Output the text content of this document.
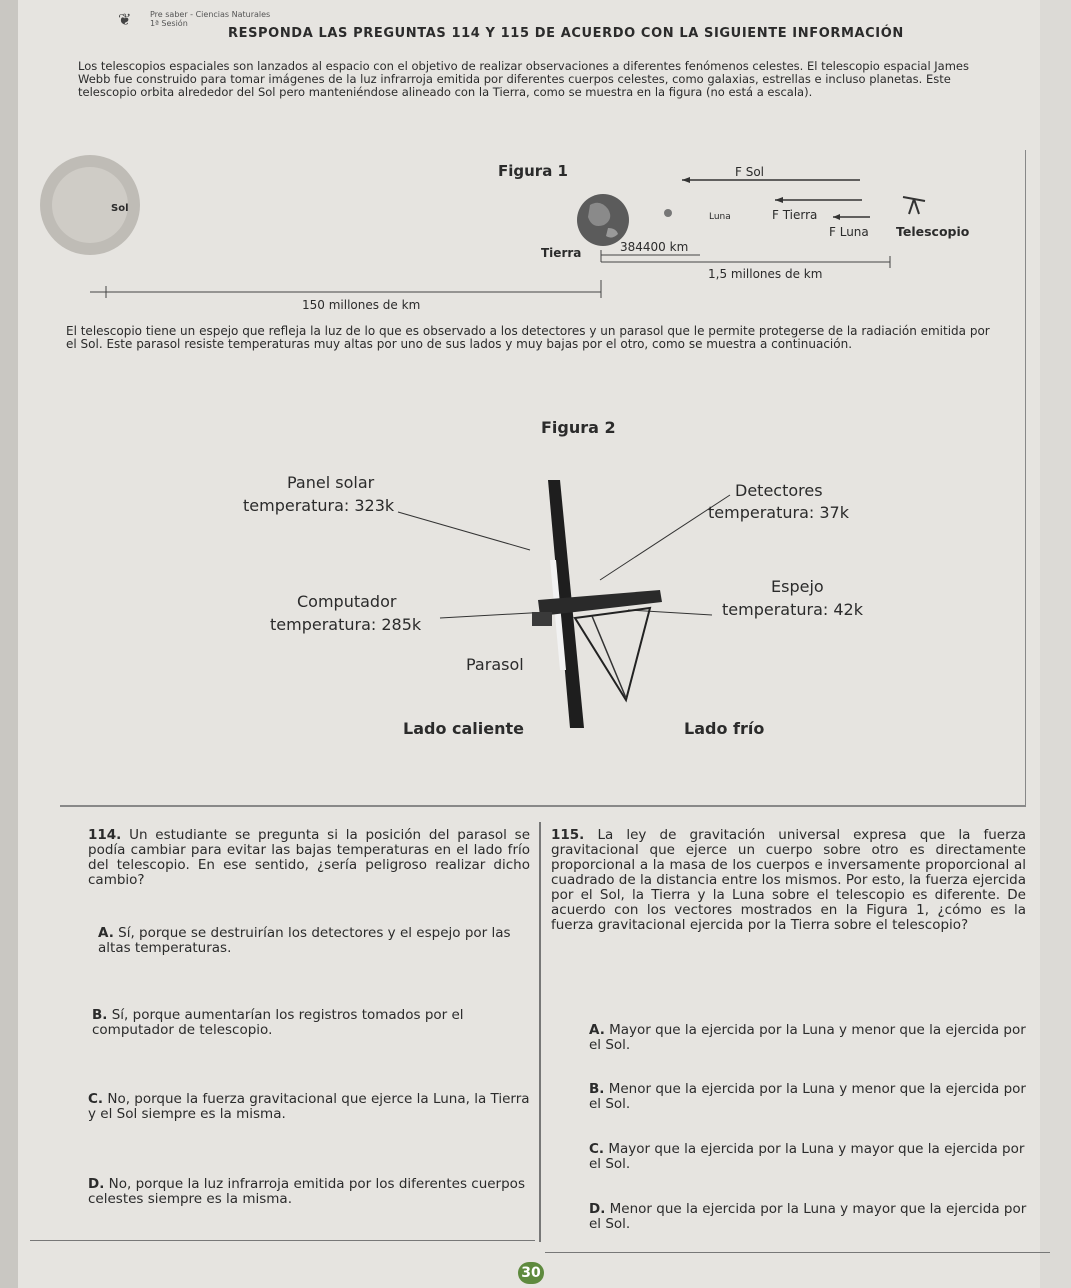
❦	Pre saber - Ciencias Naturales
1ª Sesión
RESPONDA LAS PREGUNTAS 114 Y 115 DE ACUERDO CON LA SIGUIENTE INFORMACIÓN
Los telescopios espaciales son lanzados al espacio con el objetivo de realizar observaciones a diferentes fenómenos celestes. El telescopio espacial James Webb fue construido para tomar imágenes de la luz infrarroja emitida por diferentes cuerpos celestes, como galaxias, estrellas e incluso planetas. Este telescopio orbita alrededor del Sol pero manteniéndose alineado con la Tierra, como se muestra en la figura (no está a escala).
Figura 1
Sol
Tierra
Luna
Telescopio
F Sol
F Tierra
F Luna
384400 km
1,5 millones de km
150 millones de km
El telescopio tiene un espejo que refleja la luz de lo que es observado a los detectores y un parasol que le permite protegerse de la radiación emitida por el Sol. Este parasol resiste temperaturas muy altas por uno de sus lados y muy bajas por el otro, como se muestra a continuación.
Figura 2
Panel solar
temperatura: 323k
Computador
temperatura: 285k
Parasol
Lado caliente
Detectores
temperatura: 37k
Espejo
temperatura: 42k
Lado frío
114. Un estudiante se pregunta si la posición del parasol se podía cambiar para evitar las bajas temperaturas en el lado frío del telescopio. En ese sentido, ¿sería peligroso realizar dicho cambio?
A. Sí, porque se destruirían los detectores y el espejo por las altas temperaturas.
B. Sí, porque aumentarían los registros tomados por el computador de telescopio.
C. No, porque la fuerza gravitacional que ejerce la Luna, la Tierra y el Sol siempre es la misma.
D. No, porque la luz infrarroja emitida por los diferentes cuerpos celestes siempre es la misma.
115. La ley de gravitación universal expresa que la fuerza gravitacional que ejerce un cuerpo sobre otro es directamente proporcional a la masa de los cuerpos e inversamente proporcional al cuadrado de la distancia entre los mismos. Por esto, la fuerza ejercida por el Sol, la Tierra y la Luna sobre el telescopio es diferente. De acuerdo con los vectores mostrados en la Figura 1, ¿cómo es la fuerza gravitacional ejercida por la Tierra sobre el telescopio?
A. Mayor que la ejercida por la Luna y menor que la ejercida por el Sol.
B. Menor que la ejercida por la Luna y menor que la ejercida por el Sol.
C. Mayor que la ejercida por la Luna y mayor que la ejercida por el Sol.
D. Menor que la ejercida por la Luna y mayor que la ejercida por el Sol.
30
